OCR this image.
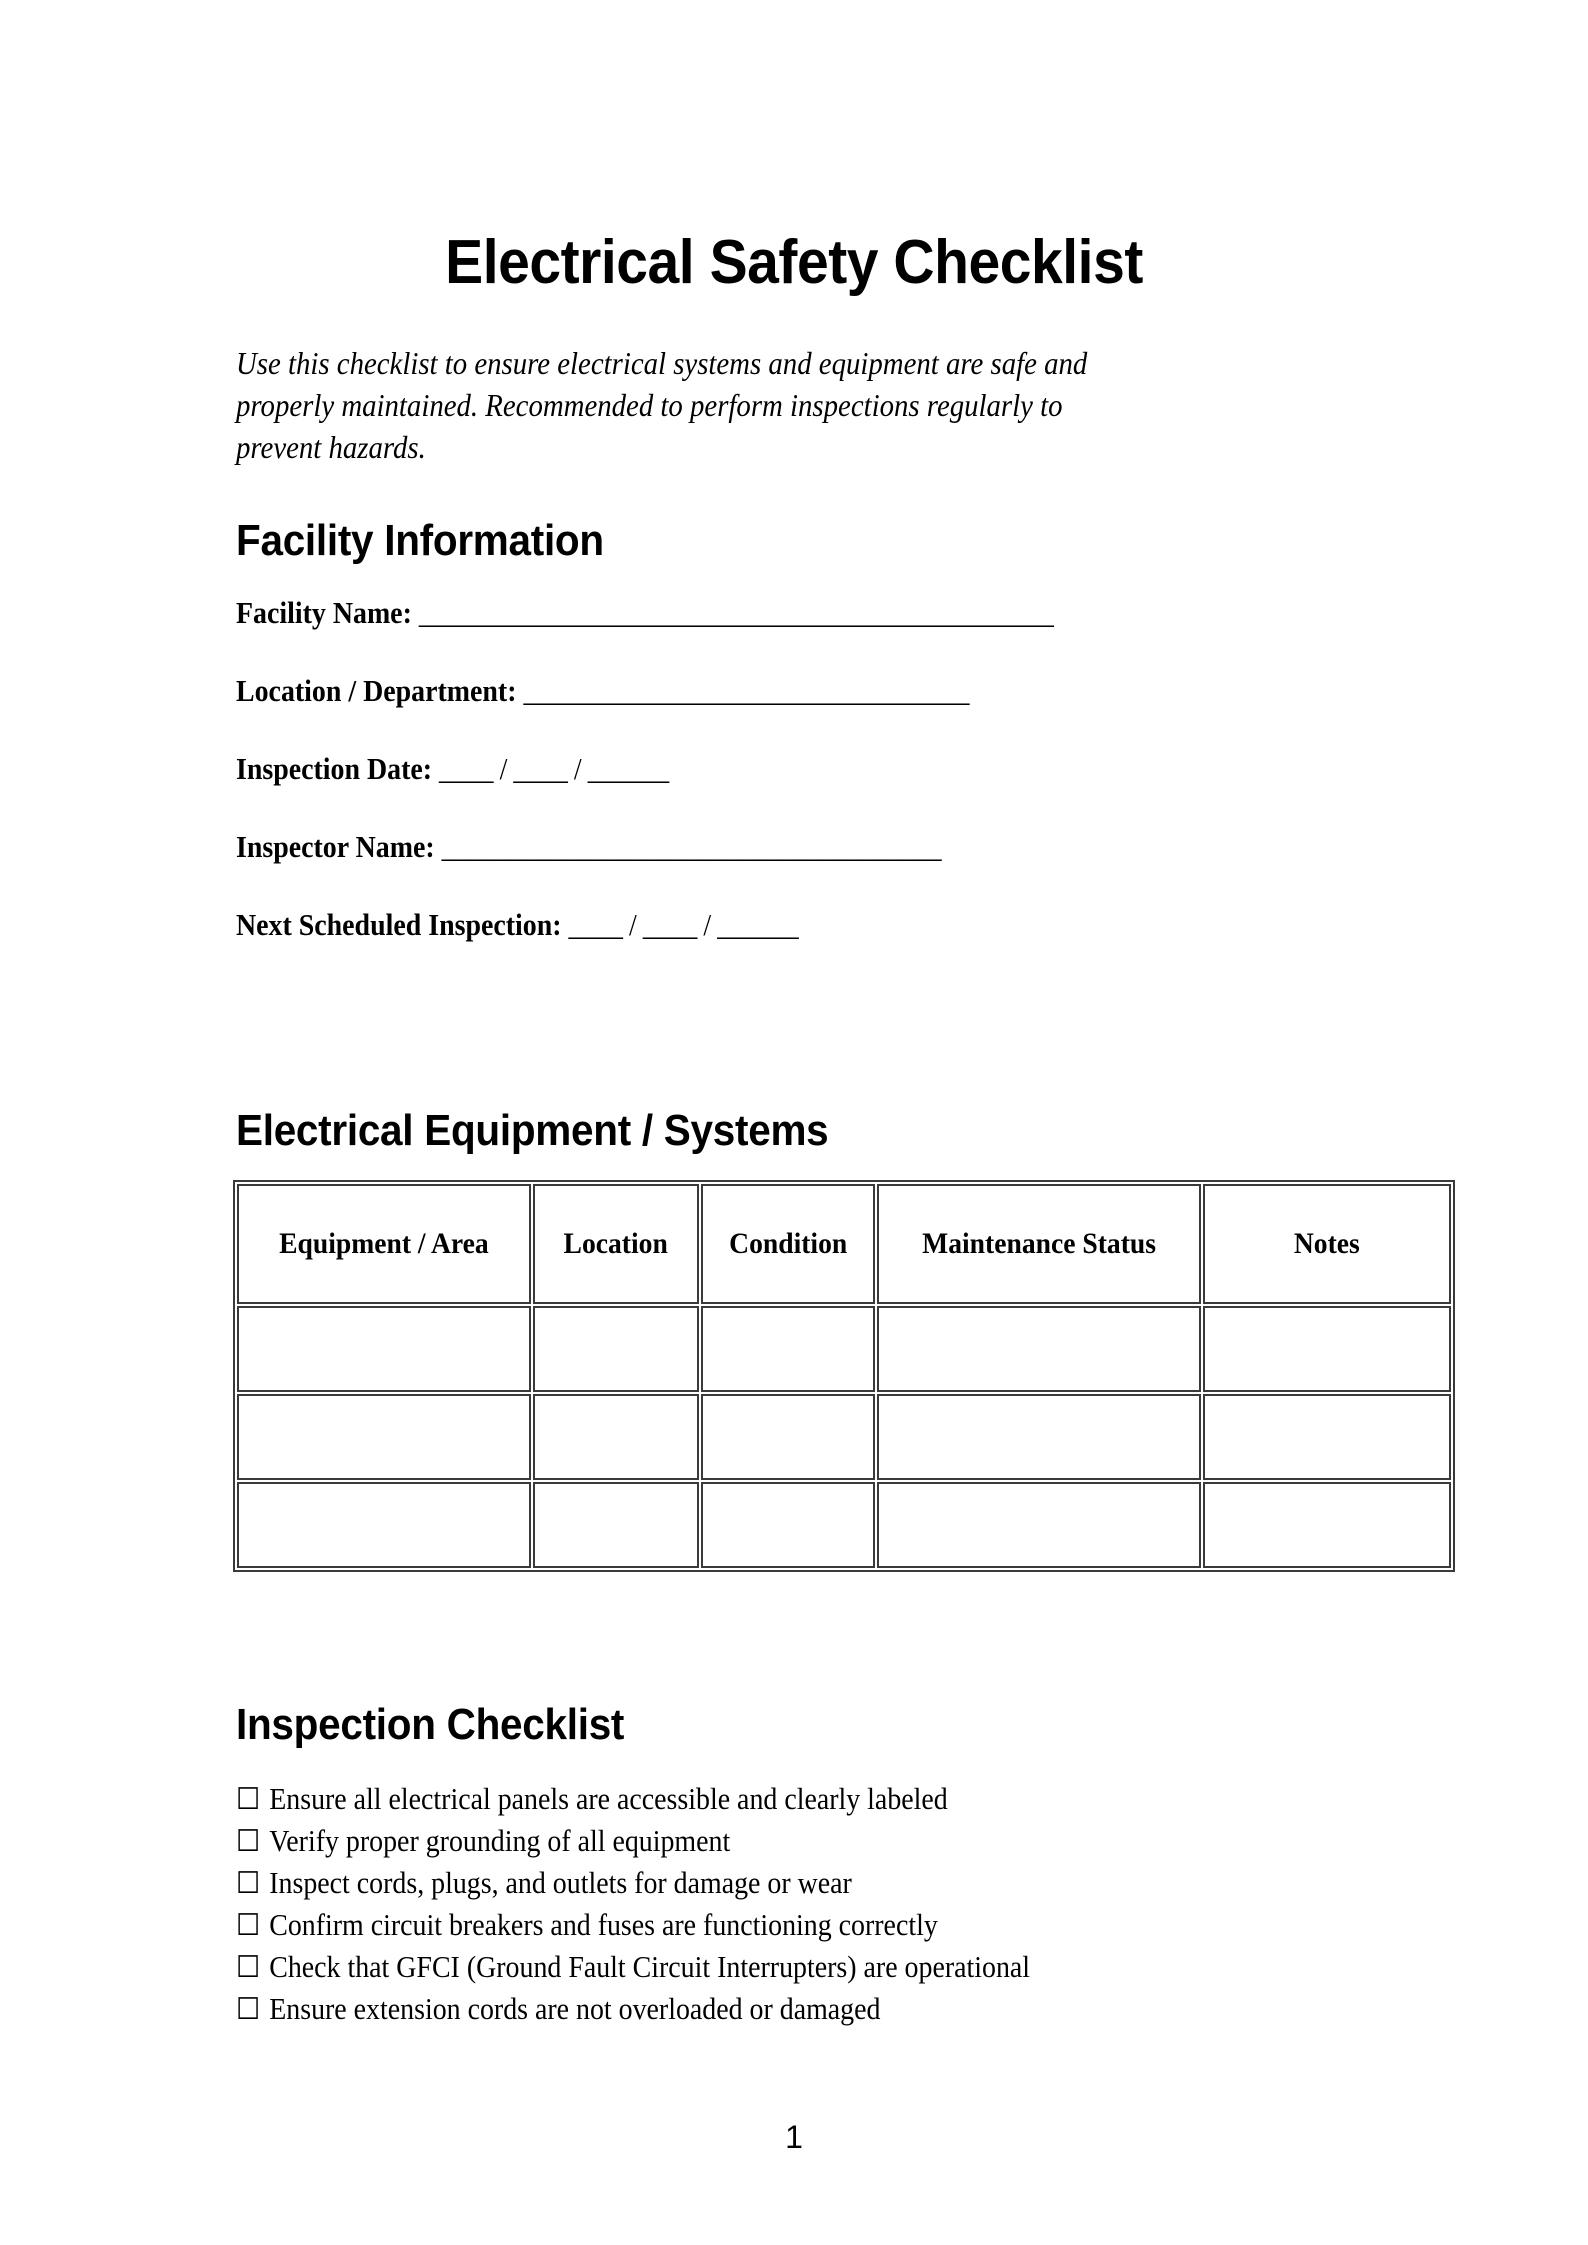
Electrical Safety Checklist

Use this checklist to ensure electrical systems and equipment are safe and properly maintained. Recommended to perform inspections regularly to prevent hazards.

Facility Information
Facility Name: _______________________________________________
Location / Department: _________________________________
Inspection Date: ____ / ____ / ______
Inspector Name: _____________________________________
Next Scheduled Inspection: ____ / ____ / ______
Electrical Equipment / Systems
Equipment / Area	Location	Condition	Maintenance Status	Notes

Inspection Checklist
☐ Ensure all electrical panels are accessible and clearly labeled
☐ Verify proper grounding of all equipment
☐ Inspect cords, plugs, and outlets for damage or wear
☐ Confirm circuit breakers and fuses are functioning correctly
☐ Check that GFCI (Ground Fault Circuit Interrupters) are operational
☐ Ensure extension cords are not overloaded or damaged
1
